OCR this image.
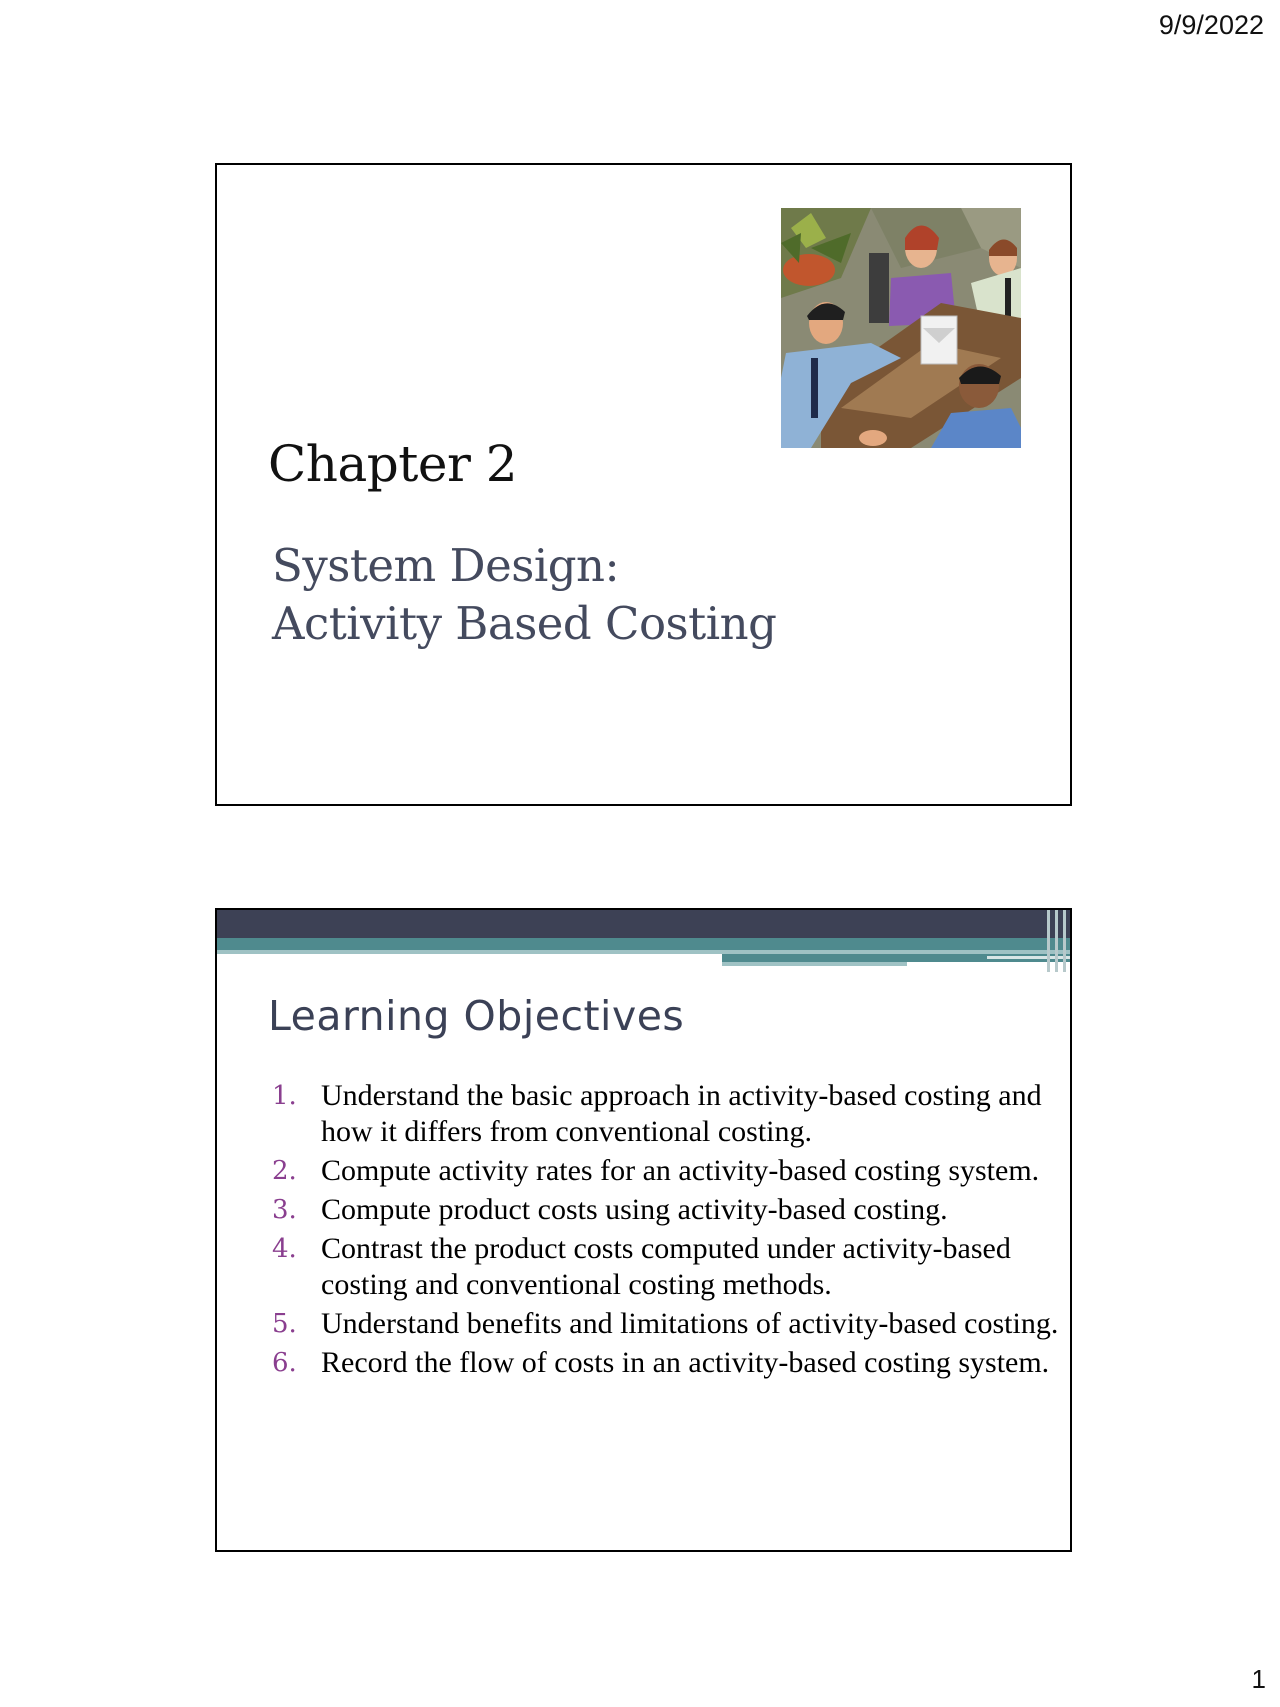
9/9/2022
Chapter 2
System Design:
Activity Based Costing
Learning Objectives
1. Understand the basic approach in activity-based costing and how it differs from conventional costing.
2. Compute activity rates for an activity-based costing system.
3. Compute product costs using activity-based costing.
4. Contrast the product costs computed under activity-based costing and conventional costing methods.
5. Understand benefits and limitations of activity-based costing.
6. Record the flow of costs in an activity-based costing system.
1
